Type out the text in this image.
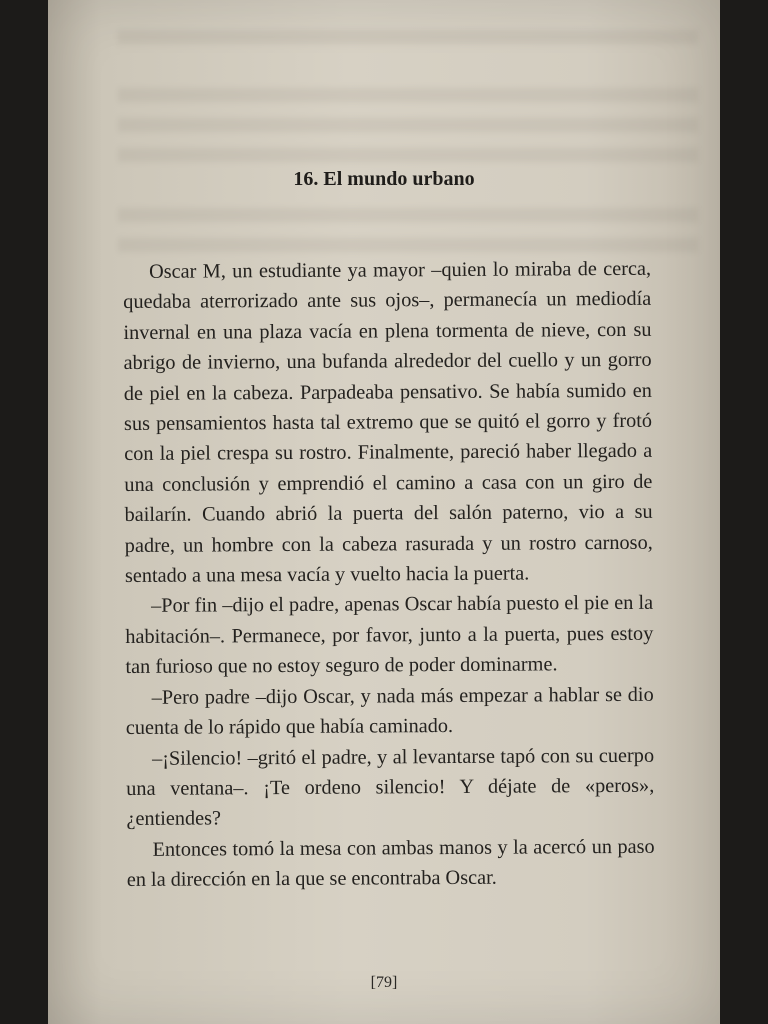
16. El mundo urbano

Oscar M, un estudiante ya mayor –quien lo miraba de cerca, quedaba aterrorizado ante sus ojos–, permanecía un mediodía invernal en una plaza vacía en plena tormenta de nieve, con su abrigo de invierno, una bufanda alrededor del cuello y un gorro de piel en la cabeza. Parpadeaba pensativo. Se había sumido en sus pensamientos hasta tal extremo que se quitó el gorro y frotó con la piel crespa su rostro. Finalmente, pareció haber llegado a una conclusión y emprendió el camino a casa con un giro de bailarín. Cuando abrió la puerta del salón paterno, vio a su padre, un hombre con la cabeza rasurada y un rostro carnoso, sentado a una mesa vacía y vuelto hacia la puerta.

–Por fin –dijo el padre, apenas Oscar había puesto el pie en la habitación–. Permanece, por favor, junto a la puerta, pues estoy tan furioso que no estoy seguro de poder dominarme.

–Pero padre –dijo Oscar, y nada más empezar a hablar se dio cuenta de lo rápido que había caminado.

–¡Silencio! –gritó el padre, y al levantarse tapó con su cuerpo una ventana–. ¡Te ordeno silencio! Y déjate de «peros», ¿entiendes?

Entonces tomó la mesa con ambas manos y la acercó un paso en la dirección en la que se encontraba Oscar.

[79]
